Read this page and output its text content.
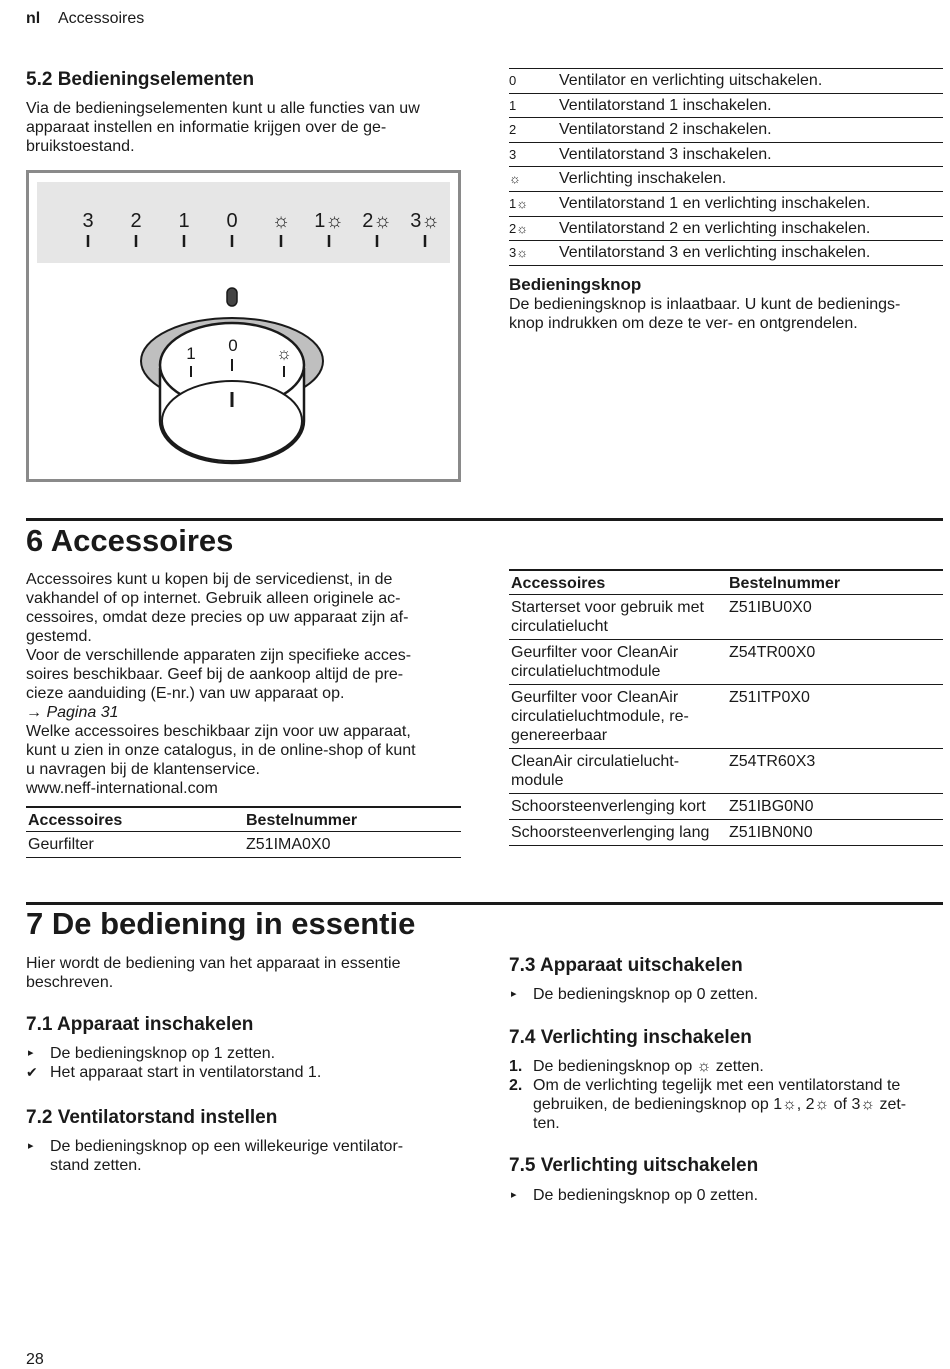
nl Accessoires
5.2 Bedieningselementen
Via de bedieningselementen kunt u alle functies van uw
apparaat instellen en informatie krijgen over de ge-
bruikstoestand.
3 2 1 0 ☼ 1☼ 2☼ 3☼
1 0 ☼
0	Ventilator en verlichting uitschakelen.
1	Ventilatorstand 1 inschakelen.
2	Ventilatorstand 2 inschakelen.
3	Ventilatorstand 3 inschakelen.
☼	Verlichting inschakelen.
1☼	Ventilatorstand 1 en verlichting inschakelen.
2☼	Ventilatorstand 2 en verlichting inschakelen.
3☼	Ventilatorstand 3 en verlichting inschakelen.
Bedieningsknop
De bedieningsknop is inlaatbaar. U kunt de bedienings-
knop indrukken om deze te ver- en ontgrendelen.
6 Accessoires
Accessoires kunt u kopen bij de servicedienst, in de
vakhandel of op internet. Gebruik alleen originele ac-
cessoires, omdat deze precies op uw apparaat zijn af-
gestemd.
Voor de verschillende apparaten zijn specifieke acces-
soires beschikbaar. Geef bij de aankoop altijd de pre-
cieze aanduiding (E-nr.) van uw apparaat op.
→ Pagina 31
Welke accessoires beschikbaar zijn voor uw apparaat,
kunt u zien in onze catalogus, in de online-shop of kunt
u navragen bij de klantenservice.
www.neff-international.com
Accessoires	Bestelnummer
Geurfilter	Z51IMA0X0
Accessoires	Bestelnummer
Starterset voor gebruik met circulatielucht	Z51IBU0X0
Geurfilter voor CleanAir circulatieluchtmodule	Z54TR00X0
Geurfilter voor CleanAir circulatieluchtmodule, re- genereerbaar	Z51ITP0X0
CleanAir circulatielucht- module	Z54TR60X3
Schoorsteenverlenging kort	Z51IBG0N0
Schoorsteenverlenging lang	Z51IBN0N0
7 De bediening in essentie
Hier wordt de bediening van het apparaat in essentie
beschreven.
7.1 Apparaat inschakelen
▸ De bedieningsknop op 1 zetten.
✔ Het apparaat start in ventilatorstand 1.
7.2 Ventilatorstand instellen
▸ De bedieningsknop op een willekeurige ventilator-
stand zetten.
7.3 Apparaat uitschakelen
▸ De bedieningsknop op 0 zetten.
7.4 Verlichting inschakelen
1. De bedieningsknop op ☼ zetten.
2. Om de verlichting tegelijk met een ventilatorstand te
gebruiken, de bedieningsknop op 1☼, 2☼ of 3☼ zet-
ten.
7.5 Verlichting uitschakelen
▸ De bedieningsknop op 0 zetten.
28
